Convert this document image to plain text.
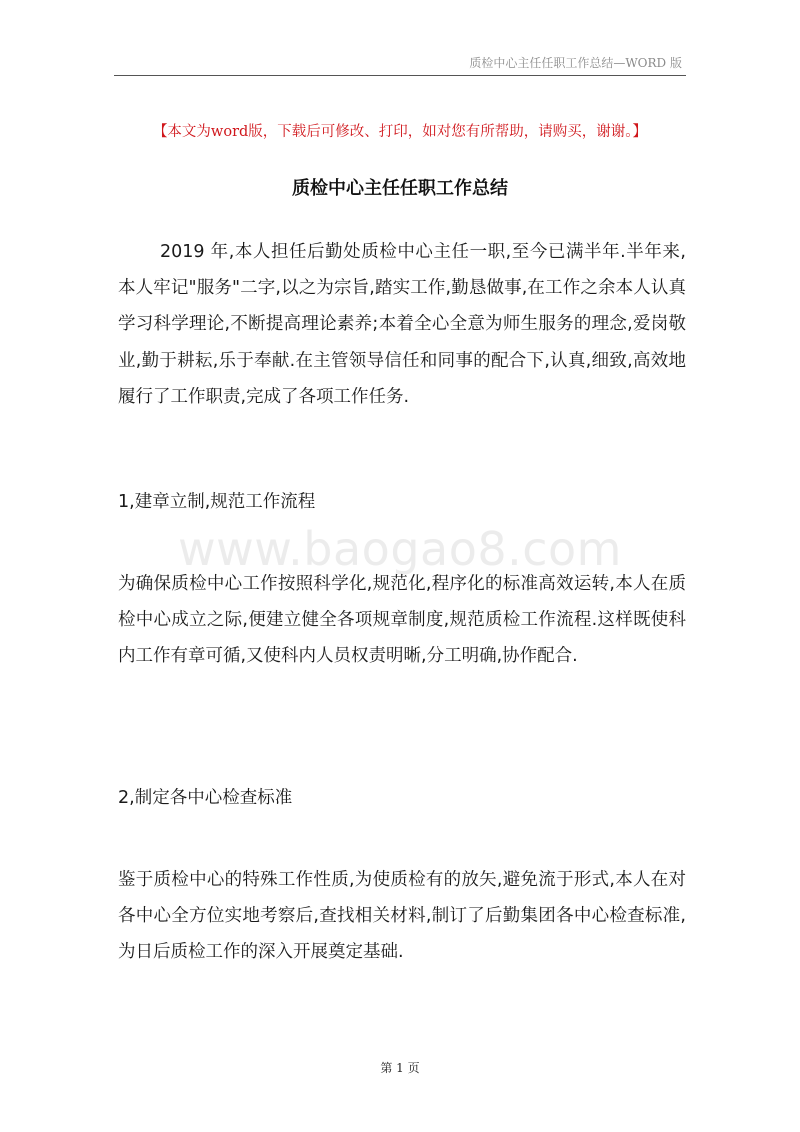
质检中心主任任职工作总结—WORD 版
【本文为word版，下载后可修改、打印，如对您有所帮助，请购买，谢谢。】
质检中心主任任职工作总结

2019 年,本人担任后勤处质检中心主任一职,至今已满半年.半年来,本人牢记"服务"二字,以之为宗旨,踏实工作,勤恳做事,在工作之余本人认真学习科学理论,不断提高理论素养;本着全心全意为师生服务的理念,爱岗敬业,勤于耕耘,乐于奉献.在主管领导信任和同事的配合下,认真,细致,高效地履行了工作职责,完成了各项工作任务.

1,建章立制,规范工作流程

www.baogao8.com

为确保质检中心工作按照科学化,规范化,程序化的标准高效运转,本人在质检中心成立之际,便建立健全各项规章制度,规范质检工作流程.这样既使科内工作有章可循,又使科内人员权责明晰,分工明确,协作配合.

2,制定各中心检查标准

鉴于质检中心的特殊工作性质,为使质检有的放矢,避免流于形式,本人在对各中心全方位实地考察后,查找相关材料,制订了后勤集团各中心检查标准,为日后质检工作的深入开展奠定基础.

第 1 页
